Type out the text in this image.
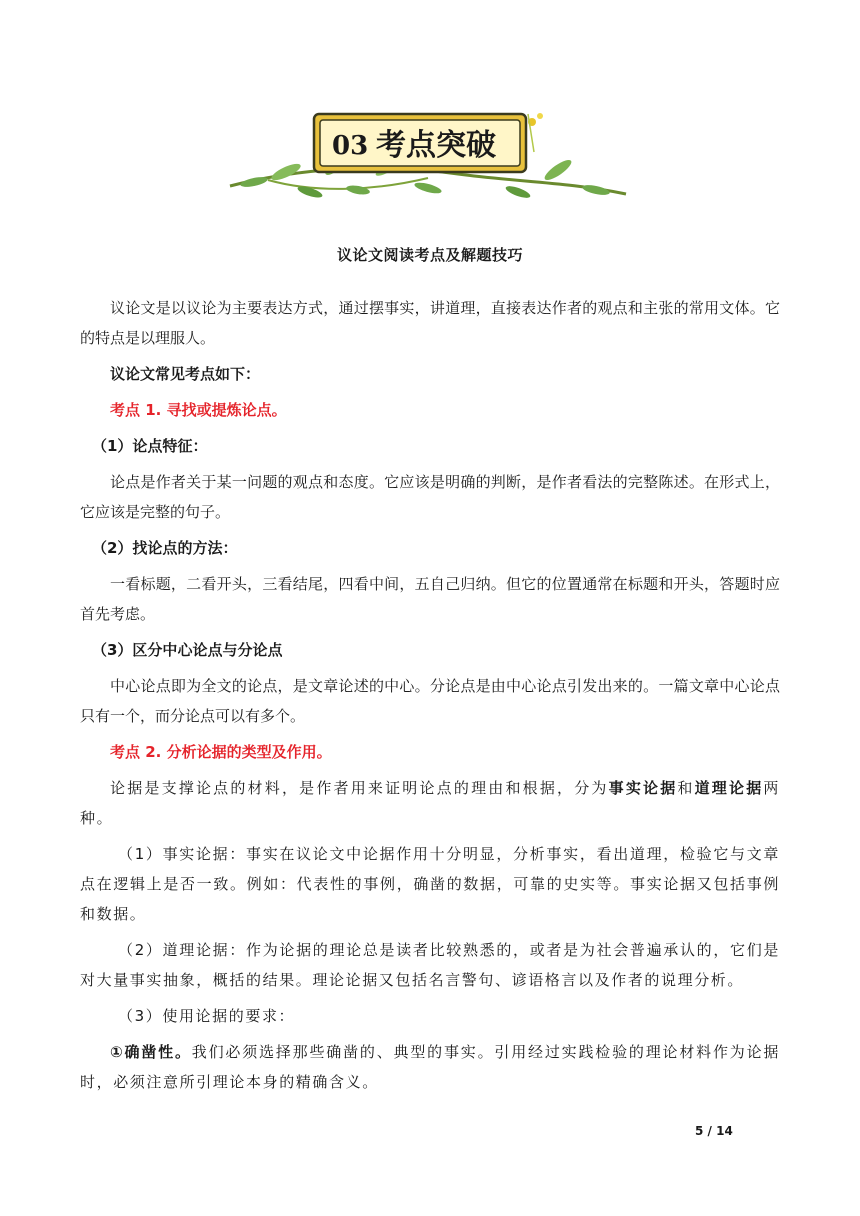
03 考点突破
议论文阅读考点及解题技巧

议论文是以议论为主要表达方式，通过摆事实，讲道理，直接表达作者的观点和主张的常用文体。它的特点是以理服人。

议论文常见考点如下：

考点 1. 寻找或提炼论点。

（1）论点特征：

论点是作者关于某一问题的观点和态度。它应该是明确的判断，是作者看法的完整陈述。在形式上，它应该是完整的句子。

（2）找论点的方法：

一看标题，二看开头，三看结尾，四看中间，五自己归纳。但它的位置通常在标题和开头，答题时应首先考虑。

（3）区分中心论点与分论点

中心论点即为全文的论点，是文章论述的中心。分论点是由中心论点引发出来的。一篇文章中心论点只有一个，而分论点可以有多个。

考点 2. 分析论据的类型及作用。

论据是支撑论点的材料，是作者用来证明论点的理由和根据，分为事实论据和道理论据两种。

（1）事实论据：事实在议论文中论据作用十分明显，分析事实，看出道理，检验它与文章点在逻辑上是否一致。例如：代表性的事例，确凿的数据，可靠的史实等。事实论据又包括事例和数据。

（2）道理论据：作为论据的理论总是读者比较熟悉的，或者是为社会普遍承认的，它们是对大量事实抽象，概括的结果。理论论据又包括名言警句、谚语格言以及作者的说理分析。

（3）使用论据的要求：

①确凿性。我们必须选择那些确凿的、典型的事实。引用经过实践检验的理论材料作为论据时，必须注意所引理论本身的精确含义。

5 / 14
